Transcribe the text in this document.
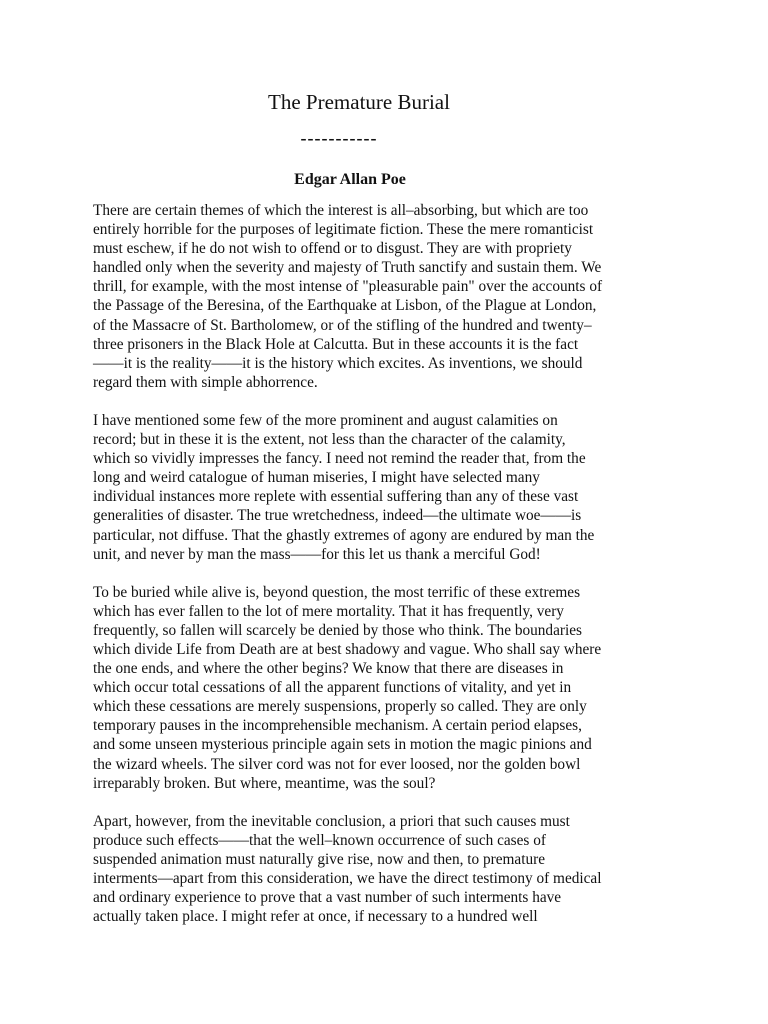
The Premature Burial
-----------
Edgar Allan Poe

There are certain themes of which the interest is all–absorbing, but which are too
entirely horrible for the purposes of legitimate fiction. These the mere romanticist
must eschew, if he do not wish to offend or to disgust. They are with propriety
handled only when the severity and majesty of Truth sanctify and sustain them. We
thrill, for example, with the most intense of "pleasurable pain" over the accounts of
the Passage of the Beresina, of the Earthquake at Lisbon, of the Plague at London,
of the Massacre of St. Bartholomew, or of the stifling of the hundred and twenty–
three prisoners in the Black Hole at Calcutta. But in these accounts it is the fact
——it is the reality——it is the history which excites. As inventions, we should
regard them with simple abhorrence.

I have mentioned some few of the more prominent and august calamities on
record; but in these it is the extent, not less than the character of the calamity,
which so vividly impresses the fancy. I need not remind the reader that, from the
long and weird catalogue of human miseries, I might have selected many
individual instances more replete with essential suffering than any of these vast
generalities of disaster. The true wretchedness, indeed—the ultimate woe——is
particular, not diffuse. That the ghastly extremes of agony are endured by man the
unit, and never by man the mass——for this let us thank a merciful God!

To be buried while alive is, beyond question, the most terrific of these extremes
which has ever fallen to the lot of mere mortality. That it has frequently, very
frequently, so fallen will scarcely be denied by those who think. The boundaries
which divide Life from Death are at best shadowy and vague. Who shall say where
the one ends, and where the other begins? We know that there are diseases in
which occur total cessations of all the apparent functions of vitality, and yet in
which these cessations are merely suspensions, properly so called. They are only
temporary pauses in the incomprehensible mechanism. A certain period elapses,
and some unseen mysterious principle again sets in motion the magic pinions and
the wizard wheels. The silver cord was not for ever loosed, nor the golden bowl
irreparably broken. But where, meantime, was the soul?

Apart, however, from the inevitable conclusion, a priori that such causes must
produce such effects——that the well–known occurrence of such cases of
suspended animation must naturally give rise, now and then, to premature
interments—apart from this consideration, we have the direct testimony of medical
and ordinary experience to prove that a vast number of such interments have
actually taken place. I might refer at once, if necessary to a hundred well
